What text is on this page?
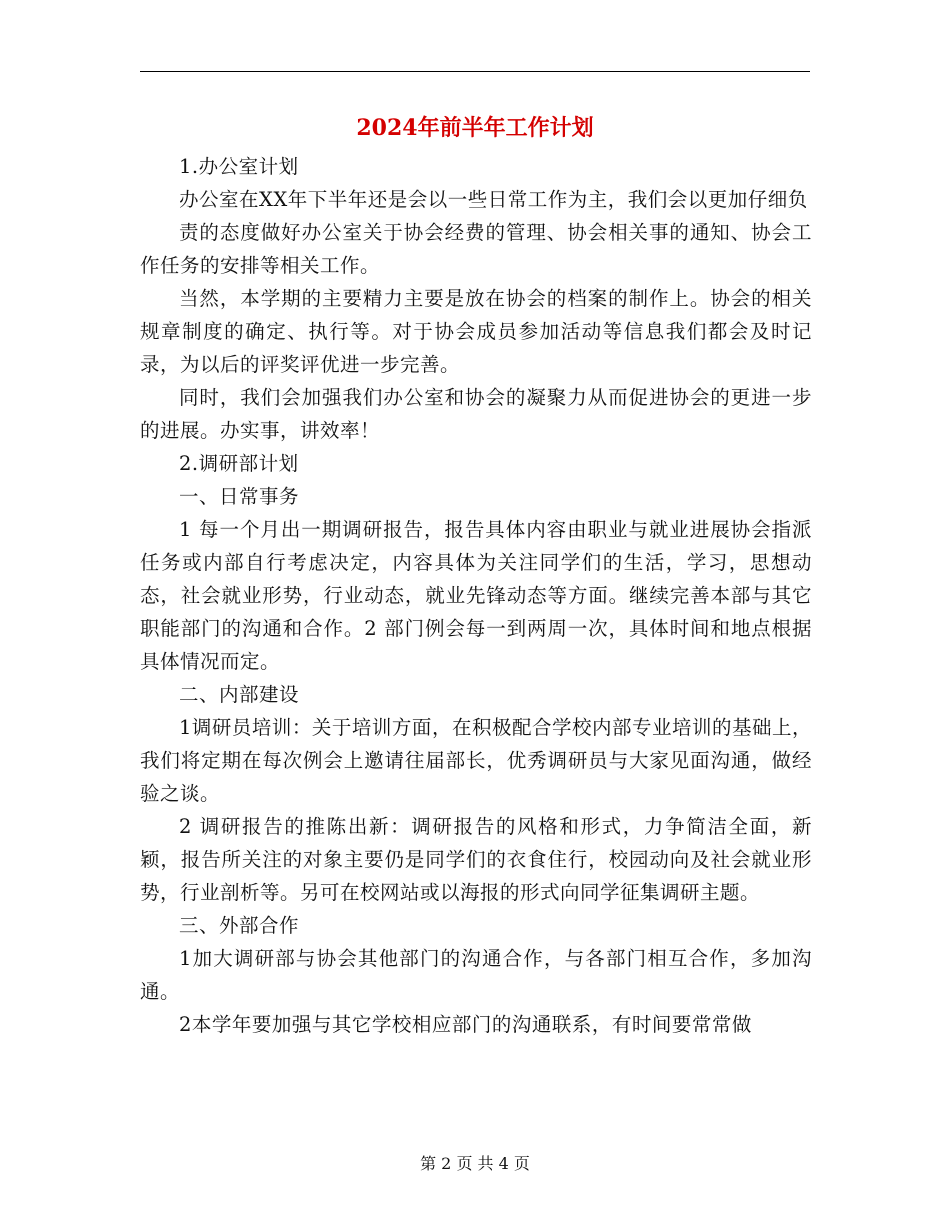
2024年前半年工作计划

1.办公室计划

办公室在XX年下半年还是会以一些日常工作为主，我们会以更加仔细负

责的态度做好办公室关于协会经费的管理、协会相关事的通知、协会工作任务的安排等相关工作。

当然，本学期的主要精力主要是放在协会的档案的制作上。协会的相关规章制度的确定、执行等。对于协会成员参加活动等信息我们都会及时记录，为以后的评奖评优进一步完善。

同时，我们会加强我们办公室和协会的凝聚力从而促进协会的更进一步的进展。办实事，讲效率！

2.调研部计划

一、日常事务

1 每一个月出一期调研报告，报告具体内容由职业与就业进展协会指派任务或内部自行考虑决定，内容具体为关注同学们的生活，学习，思想动态，社会就业形势，行业动态，就业先锋动态等方面。继续完善本部与其它职能部门的沟通和合作。2 部门例会每一到两周一次，具体时间和地点根据具体情况而定。

二、内部建设

1调研员培训：关于培训方面，在积极配合学校内部专业培训的基础上，我们将定期在每次例会上邀请往届部长，优秀调研员与大家见面沟通，做经验之谈。

2 调研报告的推陈出新：调研报告的风格和形式，力争简洁全面，新颖，报告所关注的对象主要仍是同学们的衣食住行，校园动向及社会就业形势，行业剖析等。另可在校网站或以海报的形式向同学征集调研主题。

三、外部合作

1加大调研部与协会其他部门的沟通合作，与各部门相互合作，多加沟通。

2本学年要加强与其它学校相应部门的沟通联系，有时间要常常做

第 2 页 共 4 页
